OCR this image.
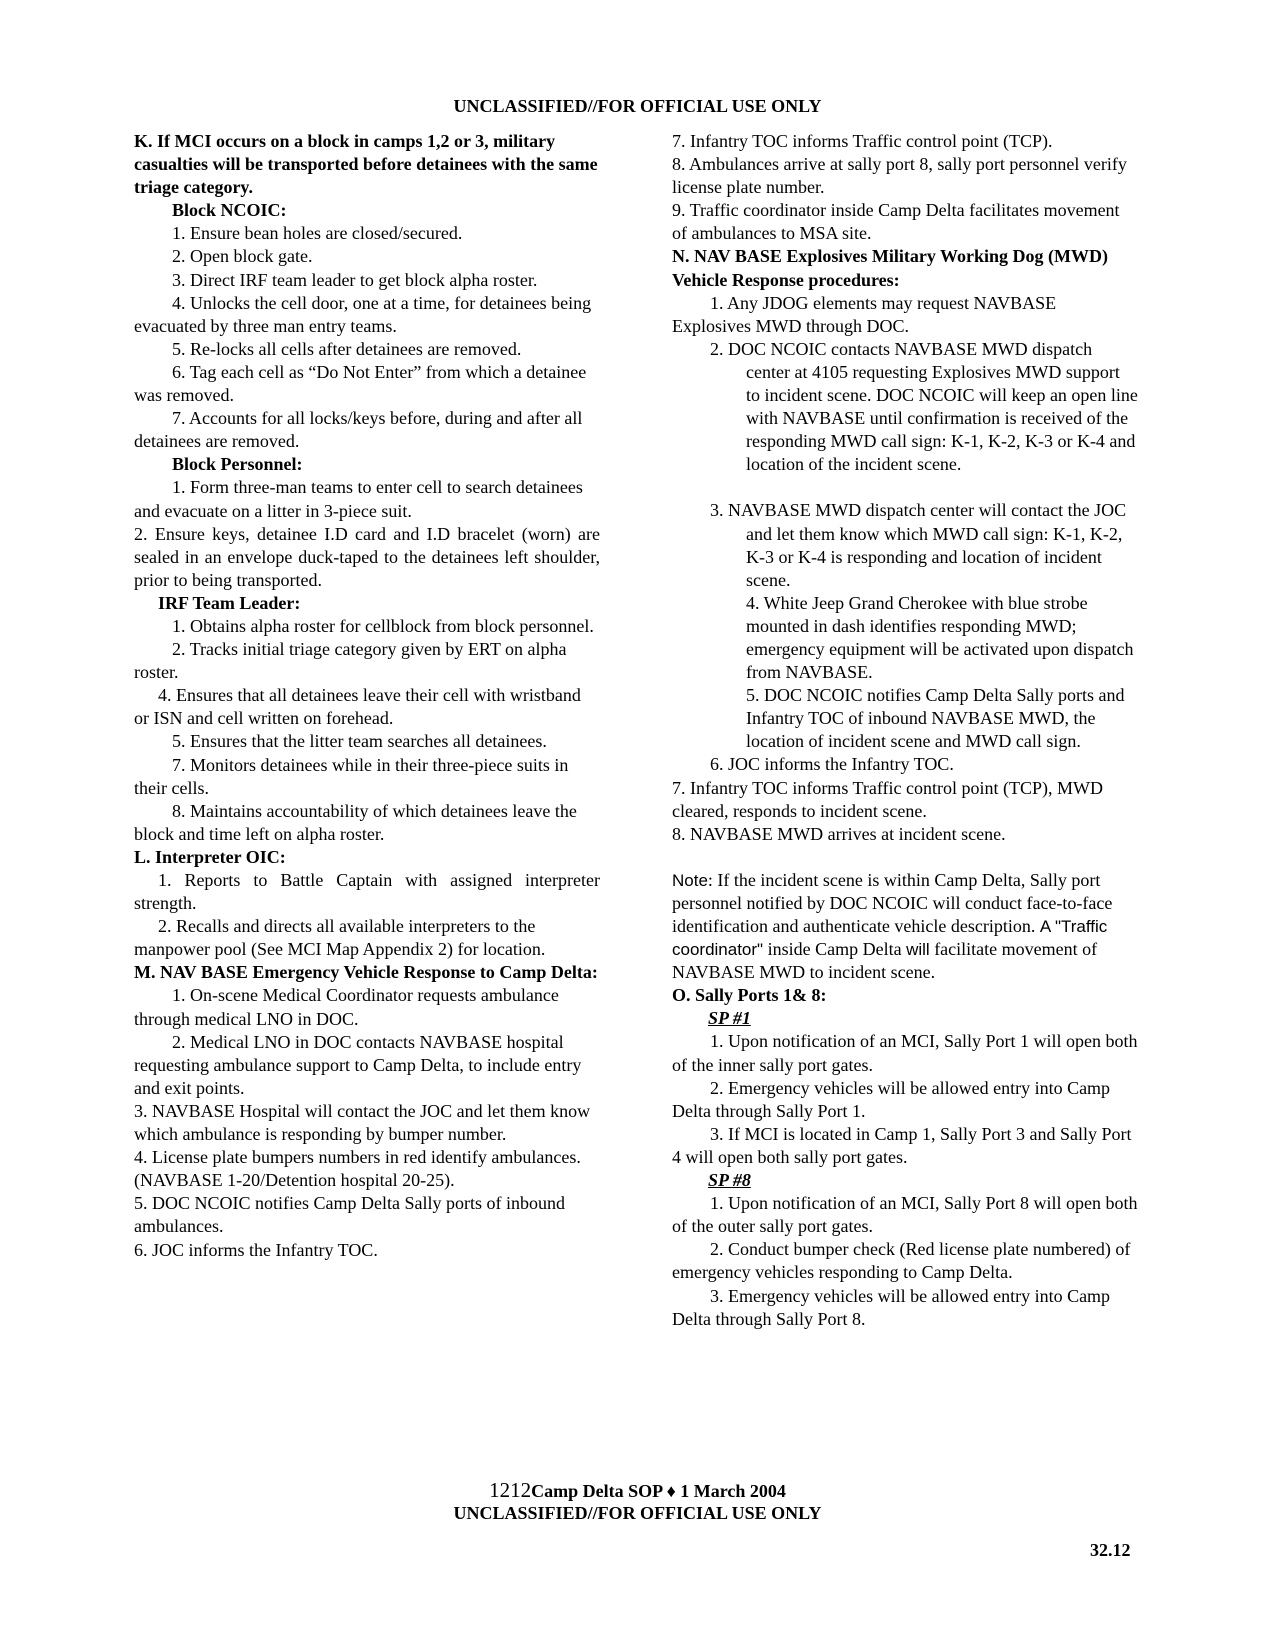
UNCLASSIFIED//FOR OFFICIAL USE ONLY

K. If MCI occurs on a block in camps 1,2 or 3, military casualties will be transported before detainees with the same triage category.

Block NCOIC:

1. Ensure bean holes are closed/secured.

2. Open block gate.

3. Direct IRF team leader to get block alpha roster.

4. Unlocks the cell door, one at a time, for detainees being evacuated by three man entry teams.

5. Re-locks all cells after detainees are removed.

6. Tag each cell as “Do Not Enter” from which a detainee was removed.

7. Accounts for all locks/keys before, during and after all detainees are removed.

Block Personnel:

1. Form three-man teams to enter cell to search detainees and evacuate on a litter in 3-piece suit.

2. Ensure keys, detainee I.D card and I.D bracelet (worn) are sealed in an envelope duck-taped to the detainees left shoulder, prior to being transported.

IRF Team Leader:

1. Obtains alpha roster for cellblock from block personnel.

2. Tracks initial triage category given by ERT on alpha roster.

4. Ensures that all detainees leave their cell with wristband or ISN and cell written on forehead.

5. Ensures that the litter team searches all detainees.

7. Monitors detainees while in their three-piece suits in their cells.

8. Maintains accountability of which detainees leave the block and time left on alpha roster.

L. Interpreter OIC:

1. Reports to Battle Captain with assigned interpreter strength.

2. Recalls and directs all available interpreters to the manpower pool (See MCI Map Appendix 2) for location.

M. NAV BASE Emergency Vehicle Response to Camp Delta:

1. On-scene Medical Coordinator requests ambulance through medical LNO in DOC.

2. Medical LNO in DOC contacts NAVBASE hospital requesting ambulance support to Camp Delta, to include entry and exit points.

3. NAVBASE Hospital will contact the JOC and let them know which ambulance is responding by bumper number.

4. License plate bumpers numbers in red identify ambulances. (NAVBASE 1-20/Detention hospital 20-25).

5. DOC NCOIC notifies Camp Delta Sally ports of inbound ambulances.

6. JOC informs the Infantry TOC.

7. Infantry TOC informs Traffic control point (TCP).

8. Ambulances arrive at sally port 8, sally port personnel verify license plate number.

9. Traffic coordinator inside Camp Delta facilitates movement of ambulances to MSA site.

N. NAV BASE Explosives Military Working Dog (MWD) Vehicle Response procedures:

1. Any JDOG elements may request NAVBASE Explosives MWD through DOC.

2. DOC NCOIC contacts NAVBASE MWD dispatch center at 4105 requesting Explosives MWD support to incident scene. DOC NCOIC will keep an open line with NAVBASE until confirmation is received of the responding MWD call sign: K-1, K-2, K-3 or K-4 and location of the incident scene.

3. NAVBASE MWD dispatch center will contact the JOC and let them know which MWD call sign: K-1, K-2, K-3 or K-4 is responding and location of incident scene.

4. White Jeep Grand Cherokee with blue strobe mounted in dash identifies responding MWD; emergency equipment will be activated upon dispatch from NAVBASE.

5. DOC NCOIC notifies Camp Delta Sally ports and Infantry TOC of inbound NAVBASE MWD, the location of incident scene and MWD call sign.

6. JOC informs the Infantry TOC.

7. Infantry TOC informs Traffic control point (TCP), MWD cleared, responds to incident scene.

8. NAVBASE MWD arrives at incident scene.

Note: If the incident scene is within Camp Delta, Sally port personnel notified by DOC NCOIC will conduct face-to-face identification and authenticate vehicle description. A "Traffic coordinator" inside Camp Delta will facilitate movement of NAVBASE MWD to incident scene.

O. Sally Ports 1& 8:

SP #1

1. Upon notification of an MCI, Sally Port 1 will open both of the inner sally port gates.

2. Emergency vehicles will be allowed entry into Camp Delta through Sally Port 1.

3. If MCI is located in Camp 1, Sally Port 3 and Sally Port 4 will open both sally port gates.

SP #8

1. Upon notification of an MCI, Sally Port 8 will open both of the outer sally port gates.

2. Conduct bumper check (Red license plate numbered) of emergency vehicles responding to Camp Delta.

3. Emergency vehicles will be allowed entry into Camp Delta through Sally Port 8.

1212Camp Delta SOP ♦ 1 March 2004
UNCLASSIFIED//FOR OFFICIAL USE ONLY
32.12
